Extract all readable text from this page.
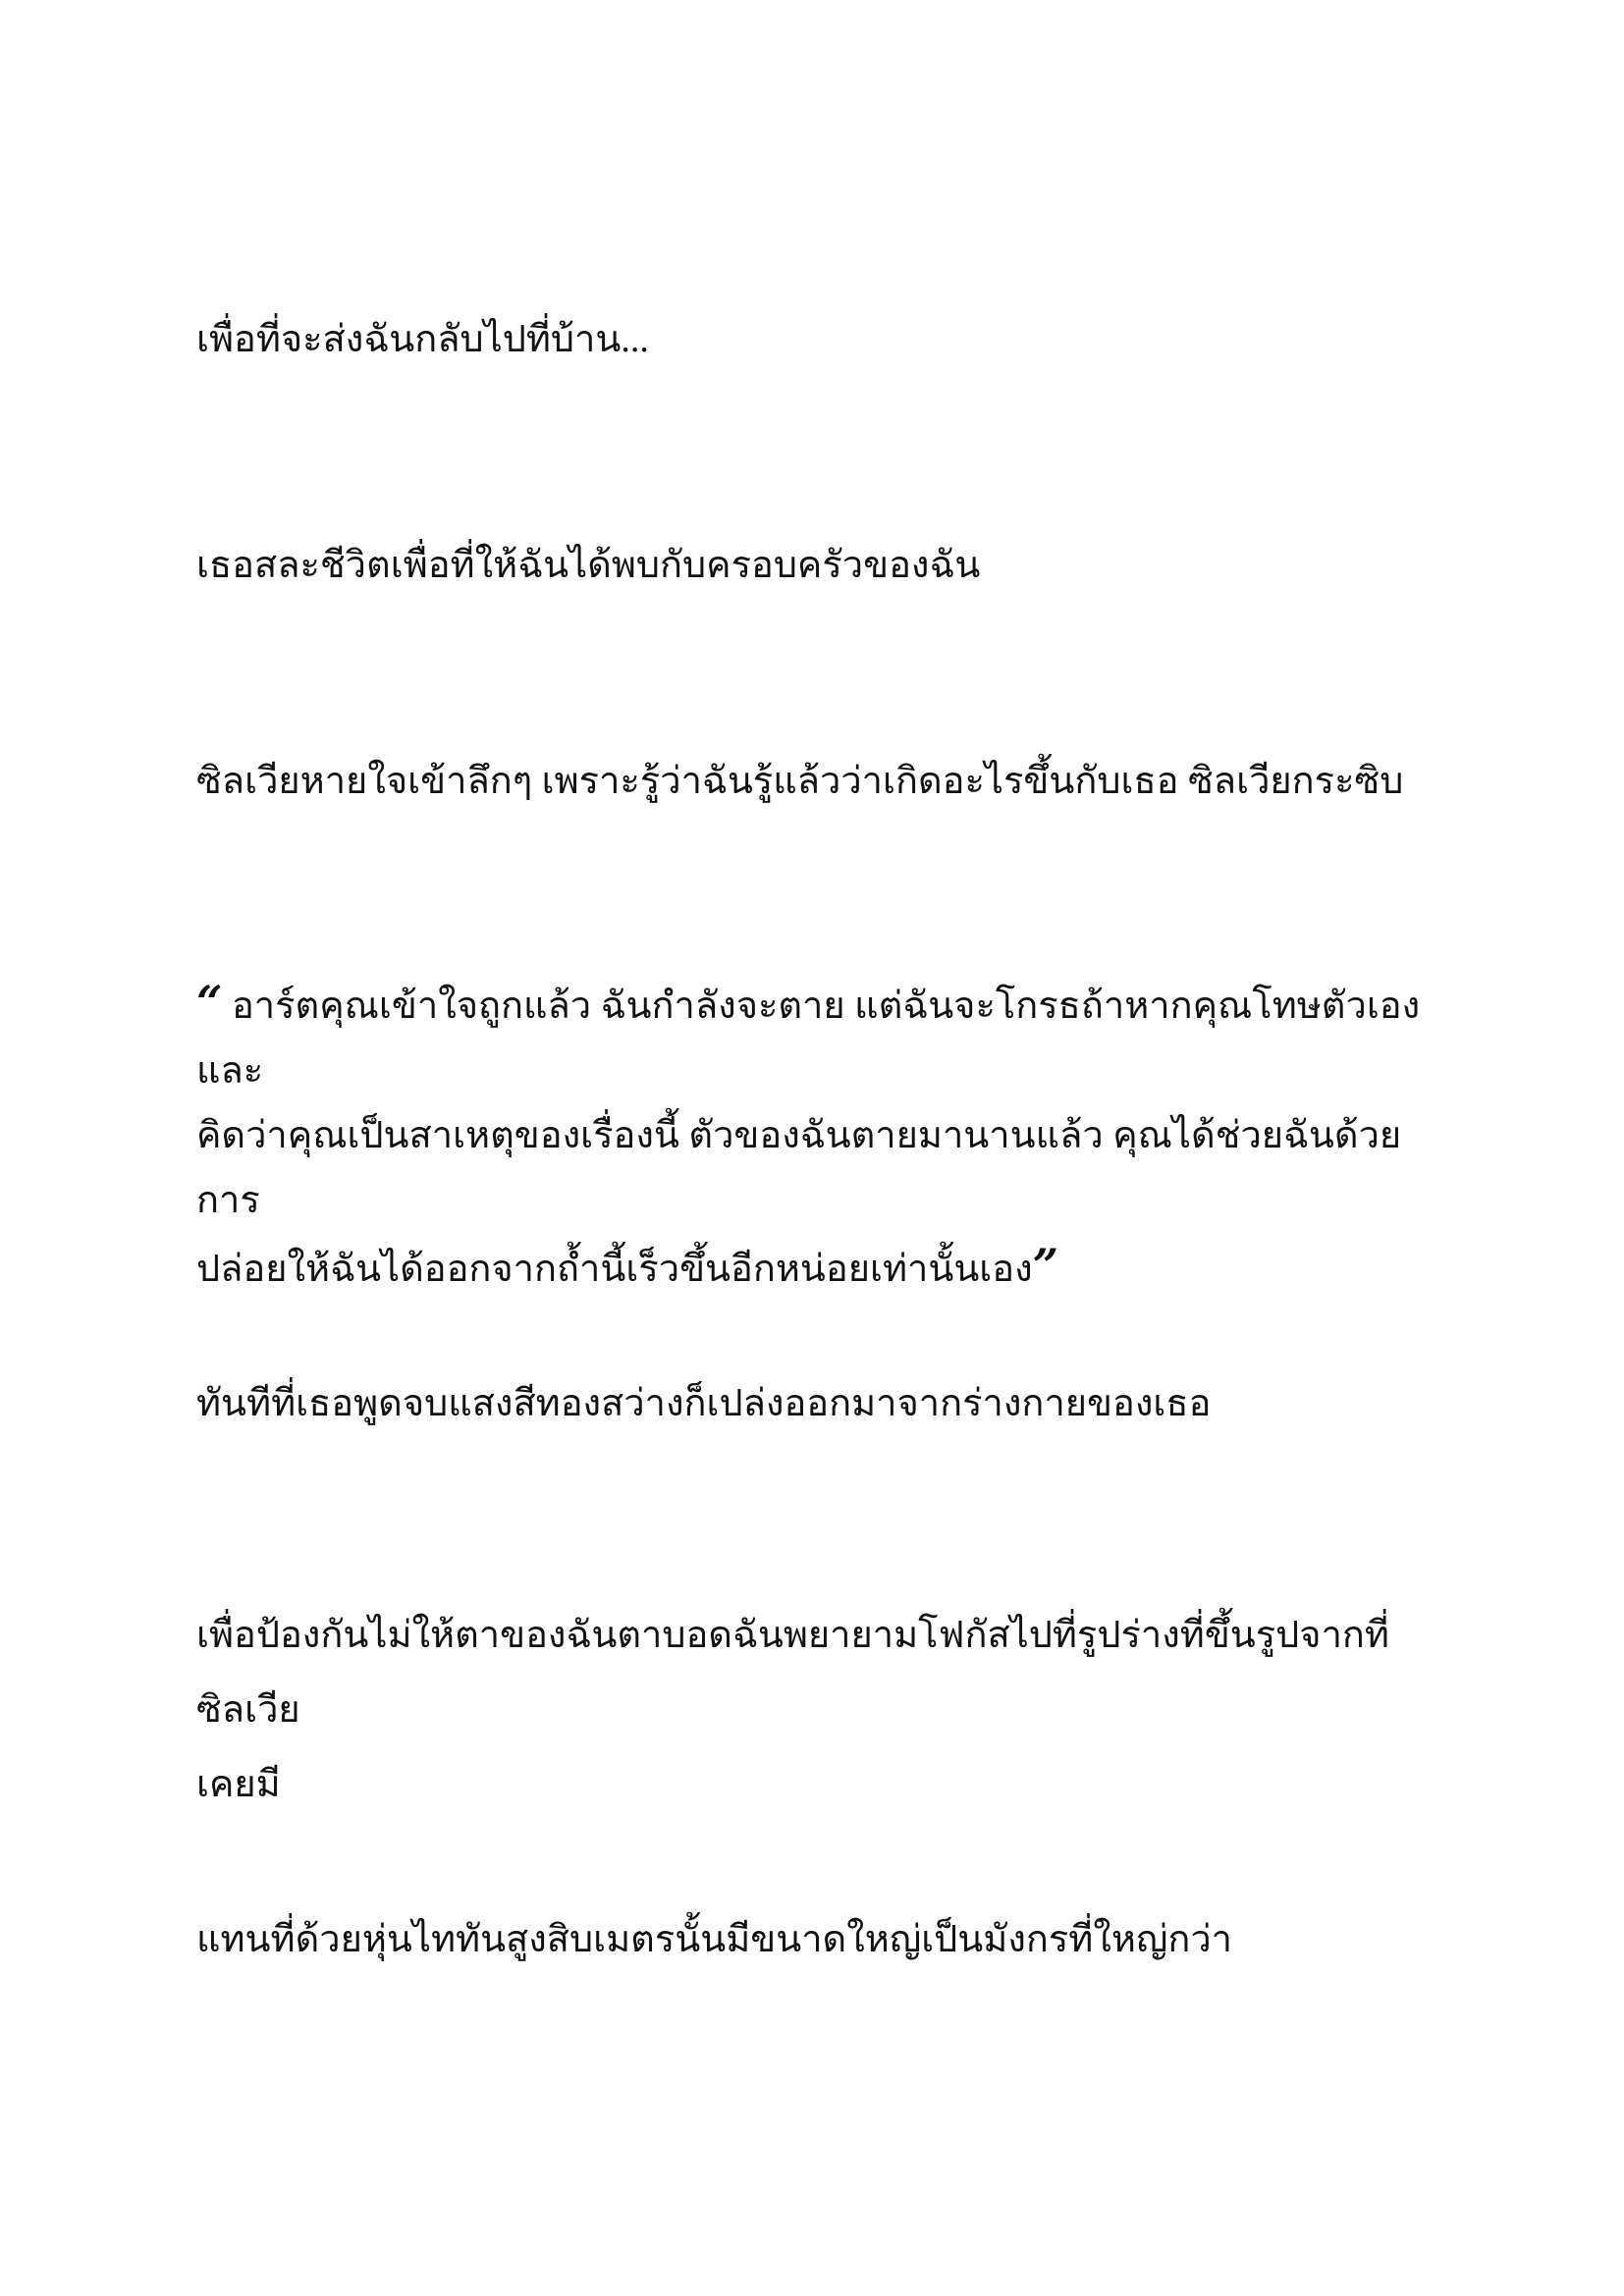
เพื่อที่จะส่งฉันกลับไปที่บ้าน...

เธอสละชีวิตเพื่อที่ให้ฉันได้พบกับครอบครัวของฉัน

ซิลเวียหายใจเข้าลึกๆ เพราะรู้ว่าฉันรู้แล้วว่าเกิดอะไรขึ้นกับเธอ ซิลเวียกระซิบ

“ อาร์ตคุณเข้าใจถูกแล้ว ฉันกำลังจะตาย แต่ฉันจะโกรธถ้าหากคุณโทษตัวเองและ
คิดว่าคุณเป็นสาเหตุของเรื่องนี้ ตัวของฉันตายมานานแล้ว คุณได้ช่วยฉันด้วยการ
ปล่อยให้ฉันได้ออกจากถ้ำนี้เร็วขึ้นอีกหน่อยเท่านั้นเอง”

ทันทีที่เธอพูดจบแสงสีทองสว่างก็เปล่งออกมาจากร่างกายของเธอ

เพื่อป้องกันไม่ให้ตาของฉันตาบอดฉันพยายามโฟกัสไปที่รูปร่างที่ขึ้นรูปจากที่ซิลเวีย
เคยมี

แทนที่ด้วยหุ่นไททันสูงสิบเมตรนั้นมีขนาดใหญ่เป็นมังกรที่ใหญ่กว่า
